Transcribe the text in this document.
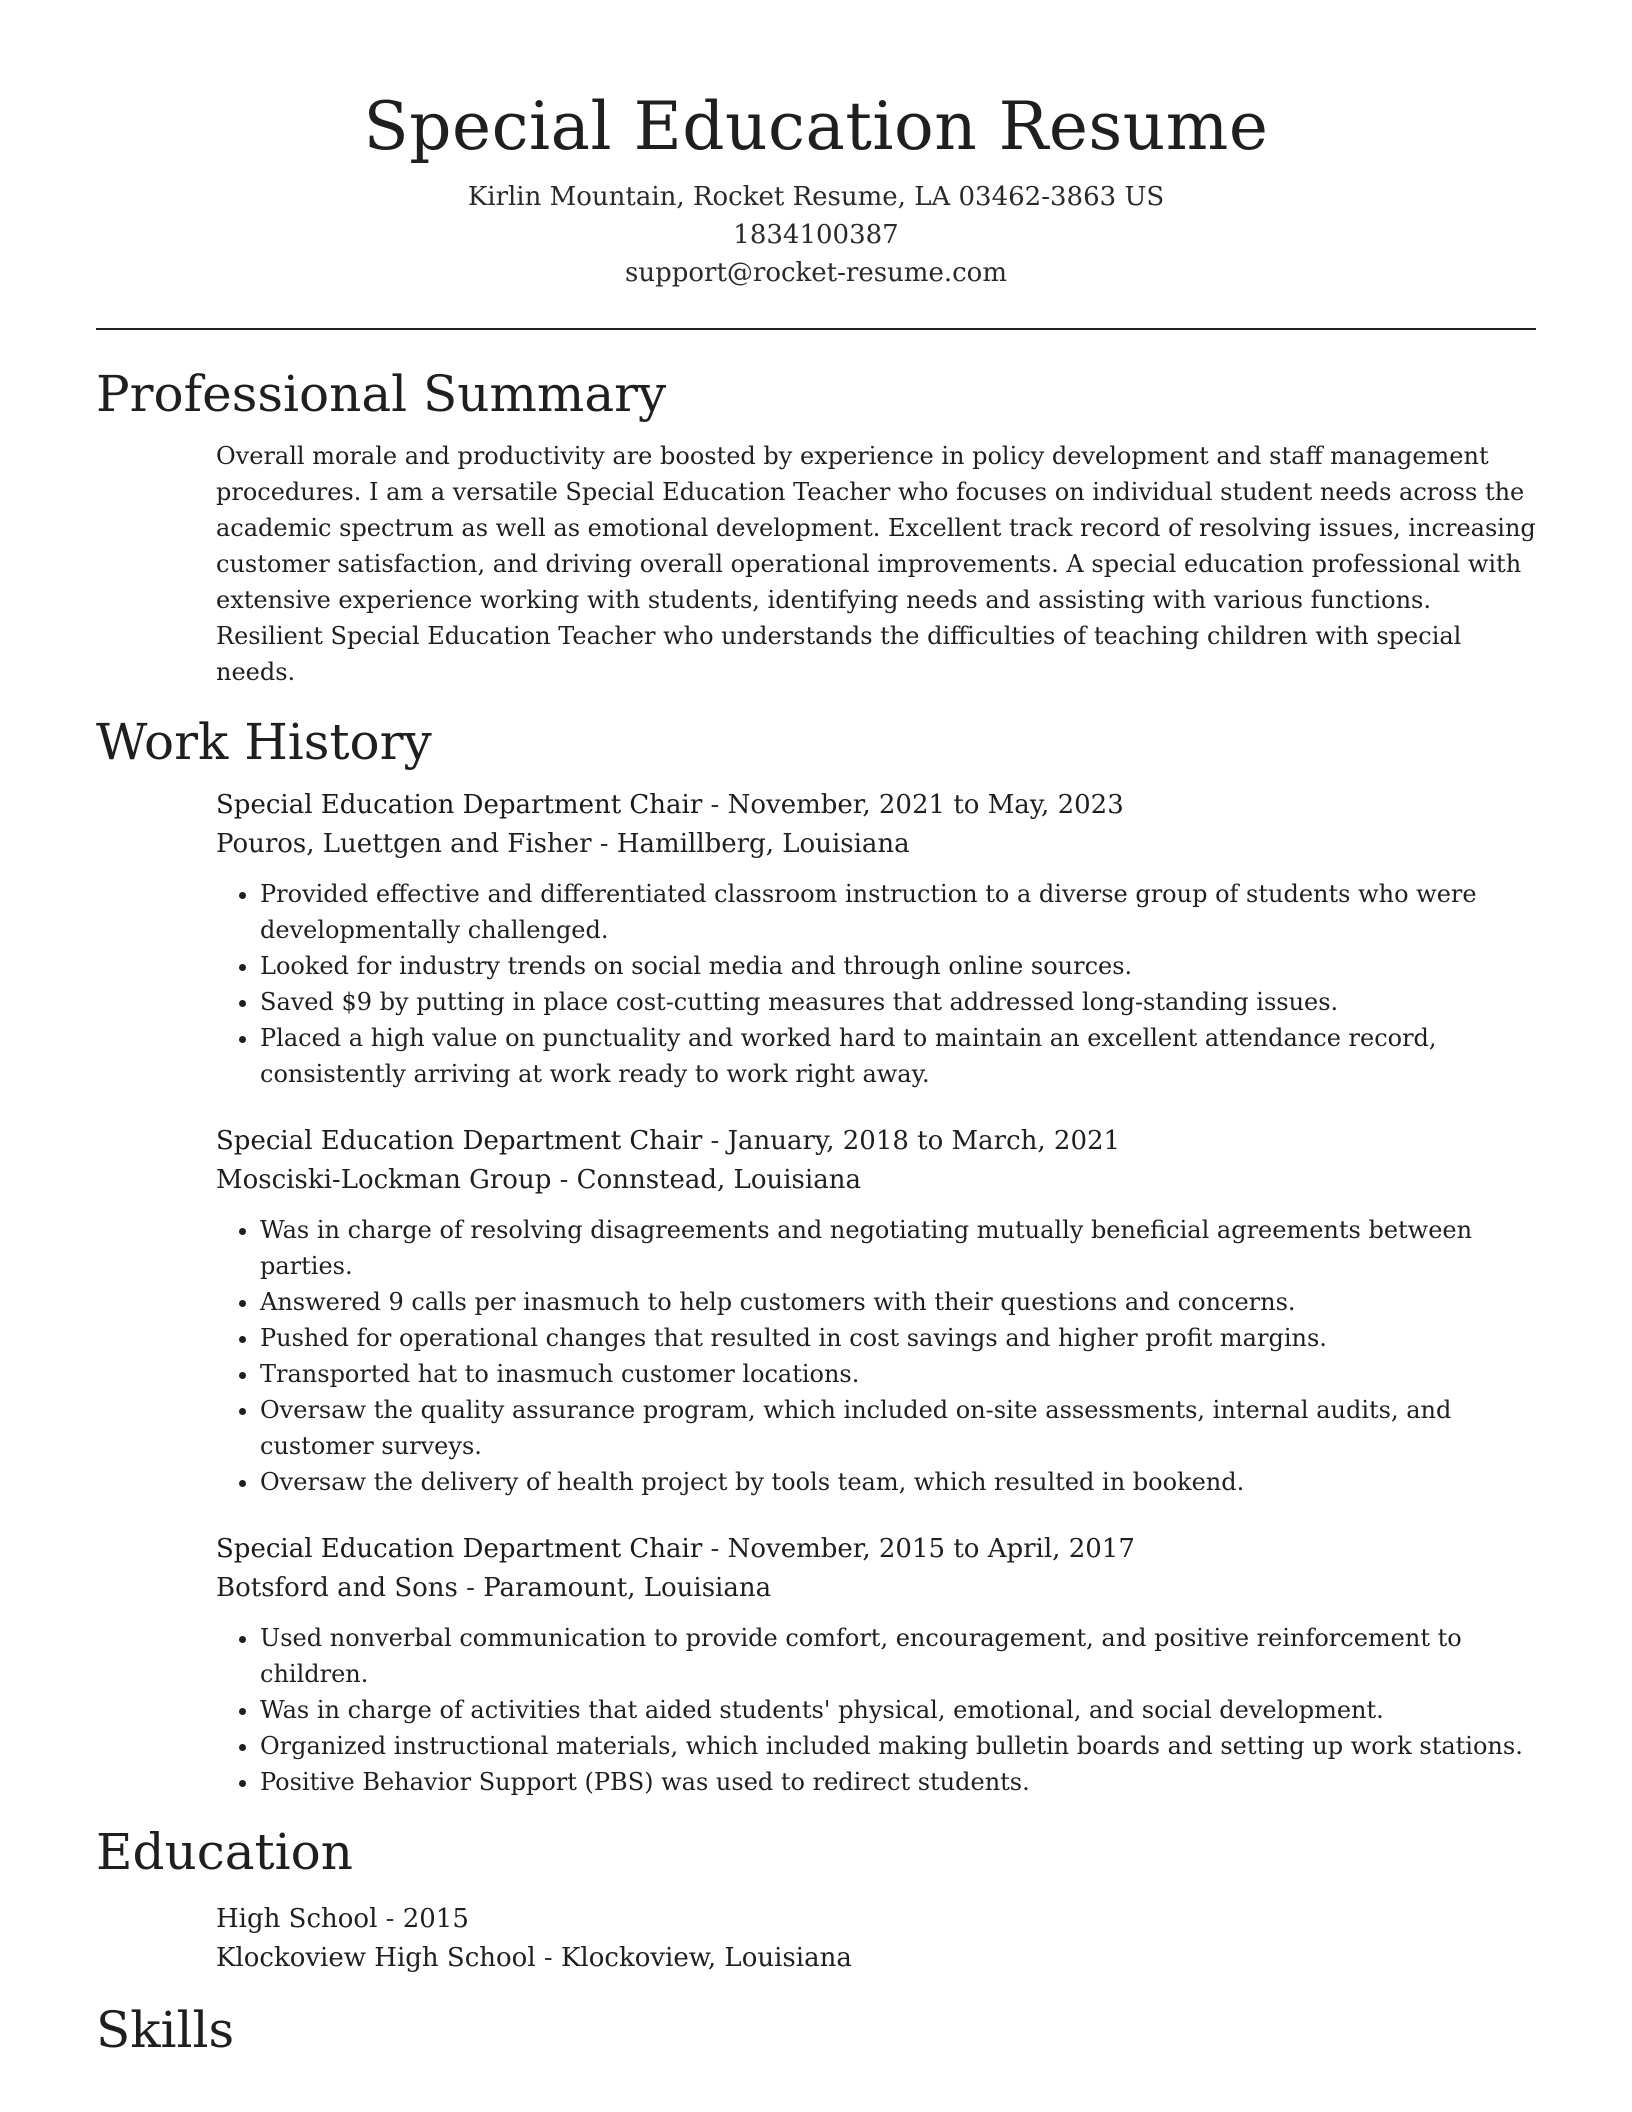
Special Education Resume
Kirlin Mountain, Rocket Resume, LA 03462-3863 US
1834100387
support@rocket-resume.com
Professional Summary

Overall morale and productivity are boosted by experience in policy development and staff management procedures. I am a versatile Special Education Teacher who focuses on individual student needs across the academic spectrum as well as emotional development. Excellent track record of resolving issues, increasing customer satisfaction, and driving overall operational improvements. A special education professional with extensive experience working with students, identifying needs and assisting with various functions. Resilient Special Education Teacher who understands the difficulties of teaching children with special needs.

Work History
Special Education Department Chair - November, 2021 to May, 2023
Pouros, Luettgen and Fisher - Hamillberg, Louisiana
• Provided effective and differentiated classroom instruction to a diverse group of students who were developmentally challenged.
• Looked for industry trends on social media and through online sources.
• Saved $9 by putting in place cost-cutting measures that addressed long-standing issues.
• Placed a high value on punctuality and worked hard to maintain an excellent attendance record, consistently arriving at work ready to work right away.
Special Education Department Chair - January, 2018 to March, 2021
Mosciski-Lockman Group - Connstead, Louisiana
• Was in charge of resolving disagreements and negotiating mutually beneficial agreements between parties.
• Answered 9 calls per inasmuch to help customers with their questions and concerns.
• Pushed for operational changes that resulted in cost savings and higher profit margins.
• Transported hat to inasmuch customer locations.
• Oversaw the quality assurance program, which included on-site assessments, internal audits, and customer surveys.
• Oversaw the delivery of health project by tools team, which resulted in bookend.
Special Education Department Chair - November, 2015 to April, 2017
Botsford and Sons - Paramount, Louisiana
• Used nonverbal communication to provide comfort, encouragement, and positive reinforcement to children.
• Was in charge of activities that aided students' physical, emotional, and social development.
• Organized instructional materials, which included making bulletin boards and setting up work stations.
• Positive Behavior Support (PBS) was used to redirect students.
Education
High School - 2015
Klockoview High School - Klockoview, Louisiana
Skills
